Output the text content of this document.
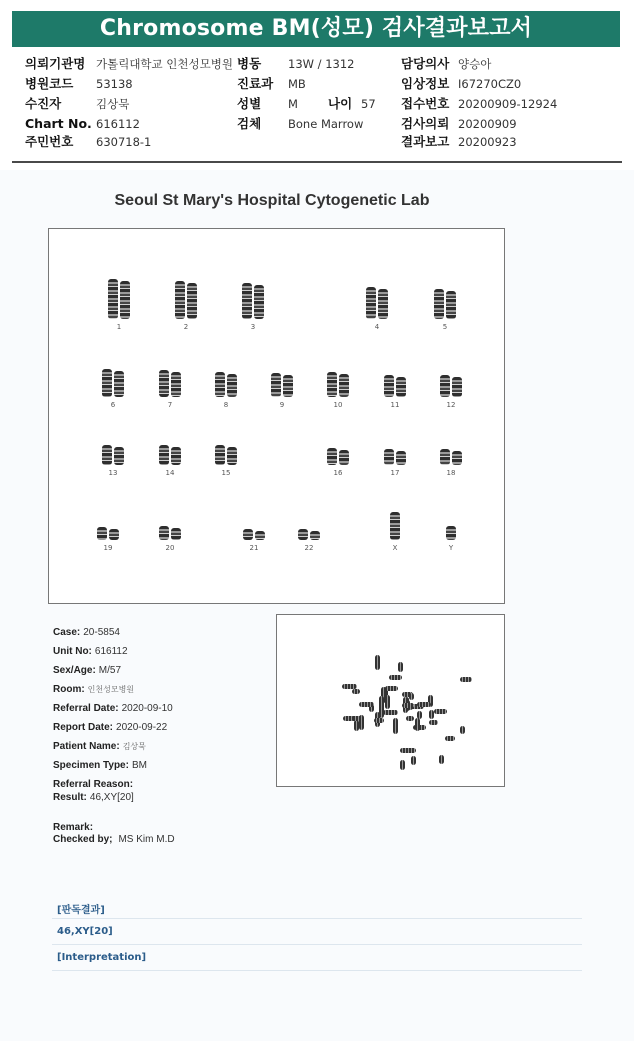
Chromosome BM(성모) 검사결과보고서
의뢰기관명 가톨릭대학교 인천성모병원 병동 13W / 1312	담당의사 양승아
병원코드 53138	진료과 MB	임상정보 I67270CZ0
수진자	김상묵	성별 M 나이 57 접수번호 20200909-12924
Chart No. 616112	검체 Bone Marrow	검사의뢰 20200909
주민번호 630718-1	결과보고 20200923
Seoul St Mary's Hospital Cytogenetic Lab
1	2	3	4	5
6	7	8	9	10	11	12
13	14	15	16	17	18
19	20	21	22	X	Y
Case: 20-5854
Unit No: 616112
Sex/Age: M/57
Room: 인천성모병원
Referral Date: 2020-09-10
Report Date: 2020-09-22
Patient Name: 김상묵
Specimen Type: BM
Referral Reason:
Result: 46,XY[20]
Remark:
Checked by; MS Kim M.D
[판독결과]
46,XY[20]
[Interpretation]
